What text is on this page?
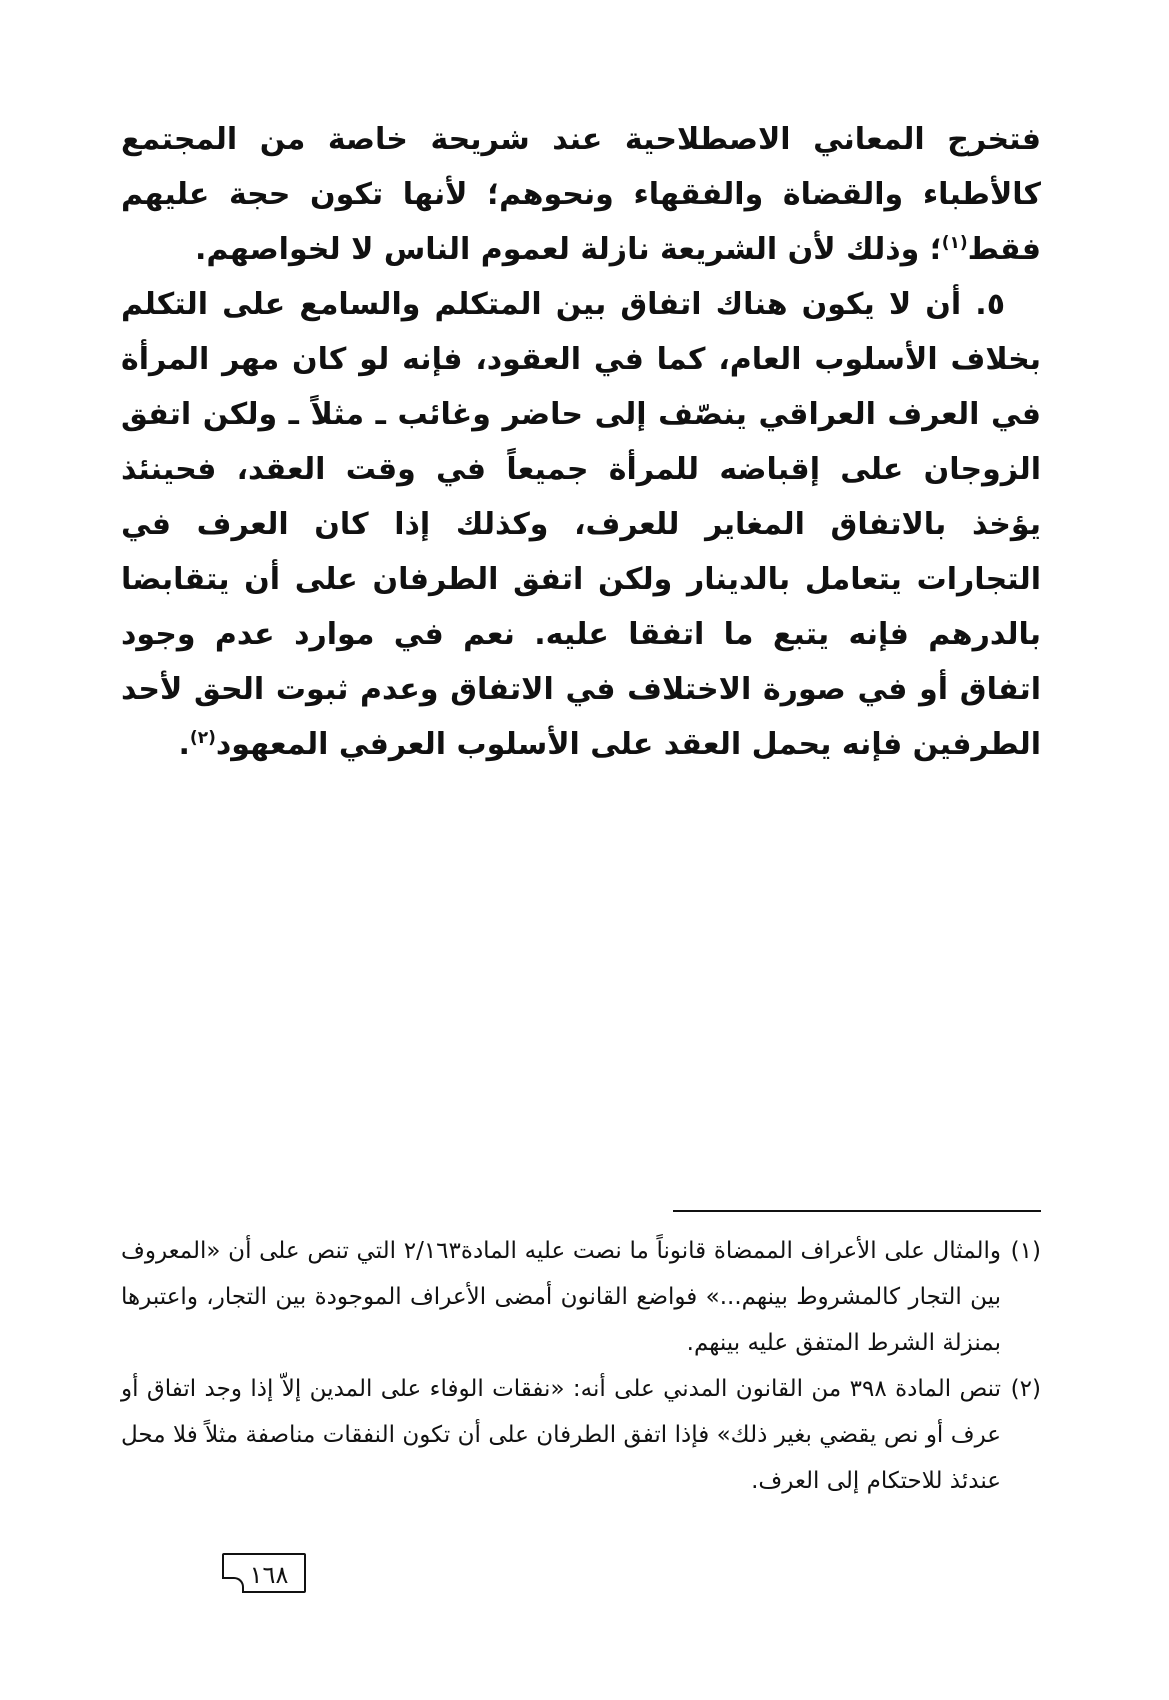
فتخرج المعاني الاصطلاحية عند شريحة خاصة من المجتمع كالأطباء والقضاة والفقهاء ونحوهم؛ لأنها تكون حجة عليهم فقط$^{(١)}$؛ وذلك لأن الشريعة نازلة لعموم الناس لا لخواصهم.

٥. أن لا يكون هناك اتفاق بين المتكلم والسامع على التكلم بخلاف الأسلوب العام، كما في العقود، فإنه لو كان مهر المرأة في العرف العراقي ينصّف إلى حاضر وغائب ـ مثلاً ـ ولكن اتفق الزوجان على إقباضه للمرأة جميعاً في وقت العقد، فحينئذ يؤخذ بالاتفاق المغاير للعرف، وكذلك إذا كان العرف في التجارات يتعامل بالدينار ولكن اتفق الطرفان على أن يتقابضا بالدرهم فإنه يتبع ما اتفقا عليه. نعم في موارد عدم وجود اتفاق أو في صورة الاختلاف في الاتفاق وعدم ثبوت الحق لأحد الطرفين فإنه يحمل العقد على الأسلوب العرفي المعهود$^{(٢)}$.

(١)
والمثال على الأعراف الممضاة قانوناً ما نصت عليه المادة٢/١٦٣ التي تنص على أن «المعروف بين التجار كالمشروط بينهم...» فواضع القانون أمضى الأعراف الموجودة بين التجار، واعتبرها بمنزلة الشرط المتفق عليه بينهم.
(٢)
تنص المادة ٣٩٨ من القانون المدني على أنه: «نفقات الوفاء على المدين إلاّ إذا وجد اتفاق أو عرف أو نص يقضي بغير ذلك» فإذا اتفق الطرفان على أن تكون النفقات مناصفة مثلاً فلا محل عندئذ للاحتكام إلى العرف.
١٦٨
